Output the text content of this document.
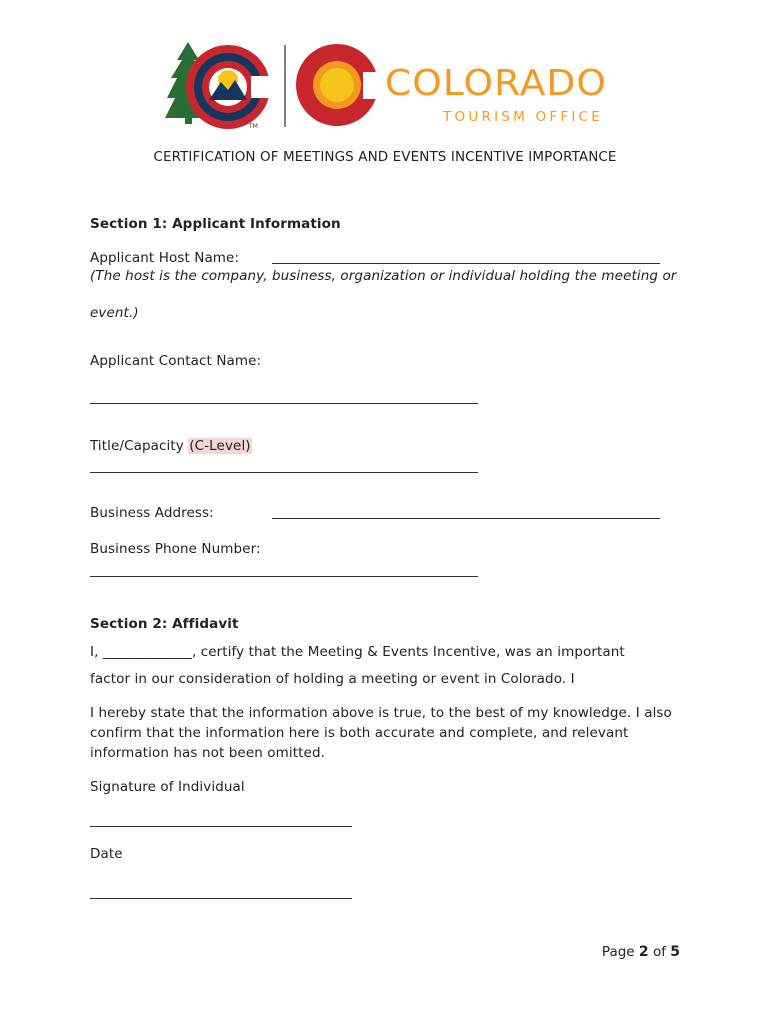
TM
COLORADO
TOURISM OFFICE
CERTIFICATION OF MEETINGS AND EVENTS INCENTIVE IMPORTANCE
Section 1: Applicant Information
Applicant Host Name:
(The host is the company, business, organization or individual holding the meeting or
event.)
Applicant Contact Name:
Title/Capacity (C-Level)
Business Address:
Business Phone Number:
Section 2: Affidavit
I, _____________, certify that the Meeting & Events Incentive, was an important
factor in our consideration of holding a meeting or event in Colorado. I
I hereby state that the information above is true, to the best of my knowledge. I also
confirm that the information here is both accurate and complete, and relevant
information has not been omitted.
Signature of Individual
Date
Page 2 of 5
